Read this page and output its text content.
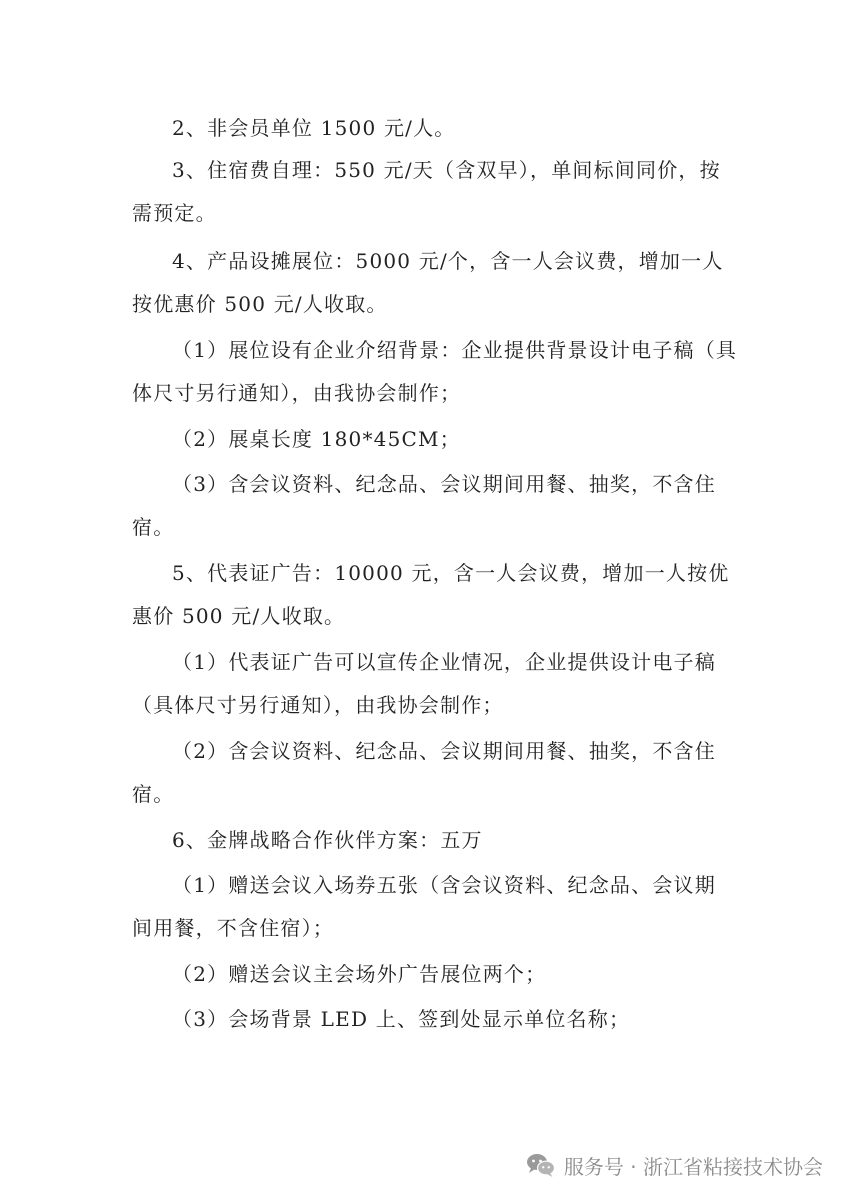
2、非会员单位 1500 元/人。
3、住宿费自理：550 元/天（含双早），单间标间同价，按
需预定。
4、产品设摊展位：5000 元/个，含一人会议费，增加一人
按优惠价 500 元/人收取。
（1）展位设有企业介绍背景：企业提供背景设计电子稿（具
体尺寸另行通知），由我协会制作；
（2）展桌长度 180*45CM；
（3）含会议资料、纪念品、会议期间用餐、抽奖，不含住
宿。
5、代表证广告：10000 元，含一人会议费，增加一人按优
惠价 500 元/人收取。
（1）代表证广告可以宣传企业情况，企业提供设计电子稿
（具体尺寸另行通知），由我协会制作；
（2）含会议资料、纪念品、会议期间用餐、抽奖，不含住
宿。
6、金牌战略合作伙伴方案：五万
（1）赠送会议入场券五张（含会议资料、纪念品、会议期
间用餐，不含住宿）；
（2）赠送会议主会场外广告展位两个；
（3）会场背景 LED 上、签到处显示单位名称；
服务号 · 浙江省粘接技术协会
